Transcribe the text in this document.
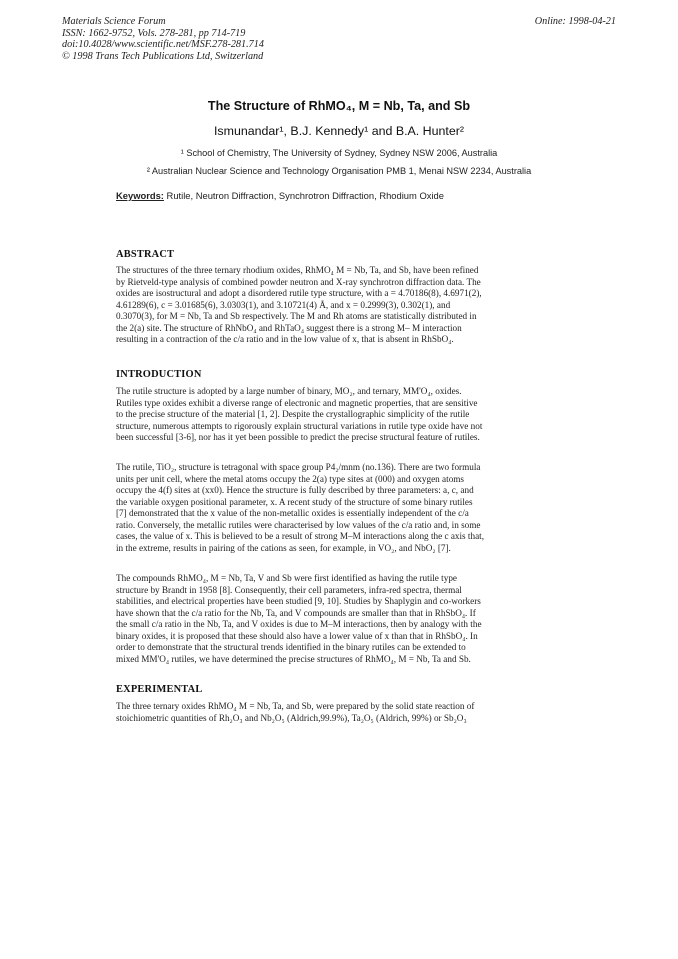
Materials Science Forum
ISSN: 1662-9752, Vols. 278-281, pp 714-719
doi:10.4028/www.scientific.net/MSF.278-281.714
© 1998 Trans Tech Publications Ltd, Switzerland
Online: 1998-04-21
The Structure of RhMO₄, M = Nb, Ta, and Sb
Ismunandar¹, B.J. Kennedy¹ and B.A. Hunter²
¹ School of Chemistry, The University of Sydney, Sydney NSW 2006, Australia
² Australian Nuclear Science and Technology Organisation PMB 1, Menai NSW 2234, Australia
Keywords: Rutile, Neutron Diffraction, Synchrotron Diffraction, Rhodium Oxide
ABSTRACT
The structures of the three ternary rhodium oxides, RhMO₄ M = Nb, Ta, and Sb, have been refined
by Rietveld-type analysis of combined powder neutron and X-ray synchrotron diffraction data. The
oxides are isostructural and adopt a disordered rutile type structure, with a = 4.70186(8), 4.6971(2),
4.61289(6), c = 3.01685(6), 3.0303(1), and 3.10721(4) Å, and x = 0.2999(3), 0.302(1), and
0.3070(3), for M = Nb, Ta and Sb respectively. The M and Rh atoms are statistically distributed in
the 2(a) site. The structure of RhNbO₄ and RhTaO₄ suggest there is a strong M– M interaction
resulting in a contraction of the c/a ratio and in the low value of x, that is absent in RhSbO₄.
INTRODUCTION
The rutile structure is adopted by a large number of binary, MO₂, and ternary, MM'O₄, oxides.
Rutiles type oxides exhibit a diverse range of electronic and magnetic properties, that are sensitive
to the precise structure of the material [1, 2]. Despite the crystallographic simplicity of the rutile
structure, numerous attempts to rigorously explain structural variations in rutile type oxide have not
been successful [3-6], nor has it yet been possible to predict the precise structural feature of rutiles.
The rutile, TiO₂, structure is tetragonal with space group P4₂/mnm (no.136). There are two formula
units per unit cell, where the metal atoms occupy the 2(a) type sites at (000) and oxygen atoms
occupy the 4(f) sites at (xx0). Hence the structure is fully described by three parameters: a, c, and
the variable oxygen positional parameter, x. A recent study of the structure of some binary rutiles
[7] demonstrated that the x value of the non-metallic oxides is essentially independent of the c/a
ratio. Conversely, the metallic rutiles were characterised by low values of the c/a ratio and, in some
cases, the value of x. This is believed to be a result of strong M–M interactions along the c axis that,
in the extreme, results in pairing of the cations as seen, for example, in VO₂, and NbO₂ [7].
The compounds RhMO₄, M = Nb, Ta, V and Sb were first identified as having the rutile type
structure by Brandt in 1958 [8]. Consequently, their cell parameters, infra-red spectra, thermal
stabilities, and electrical properties have been studied [9, 10]. Studies by Shaplygin and co-workers
have shown that the c/a ratio for the Nb, Ta, and V compounds are smaller than that in RhSbO₄. If
the small c/a ratio in the Nb, Ta, and V oxides is due to M–M interactions, then by analogy with the
binary oxides, it is proposed that these should also have a lower value of x than that in RhSbO₄. In
order to demonstrate that the structural trends identified in the binary rutiles can be extended to
mixed MM'O₄ rutiles, we have determined the precise structures of RhMO₄, M = Nb, Ta and Sb.
EXPERIMENTAL
The three ternary oxides RhMO₄ M = Nb, Ta, and Sb, were prepared by the solid state reaction of
stoichiometric quantities of Rh₂O₃ and Nb₂O₅ (Aldrich,99.9%), Ta₂O₅ (Aldrich, 99%) or Sb₂O₃
